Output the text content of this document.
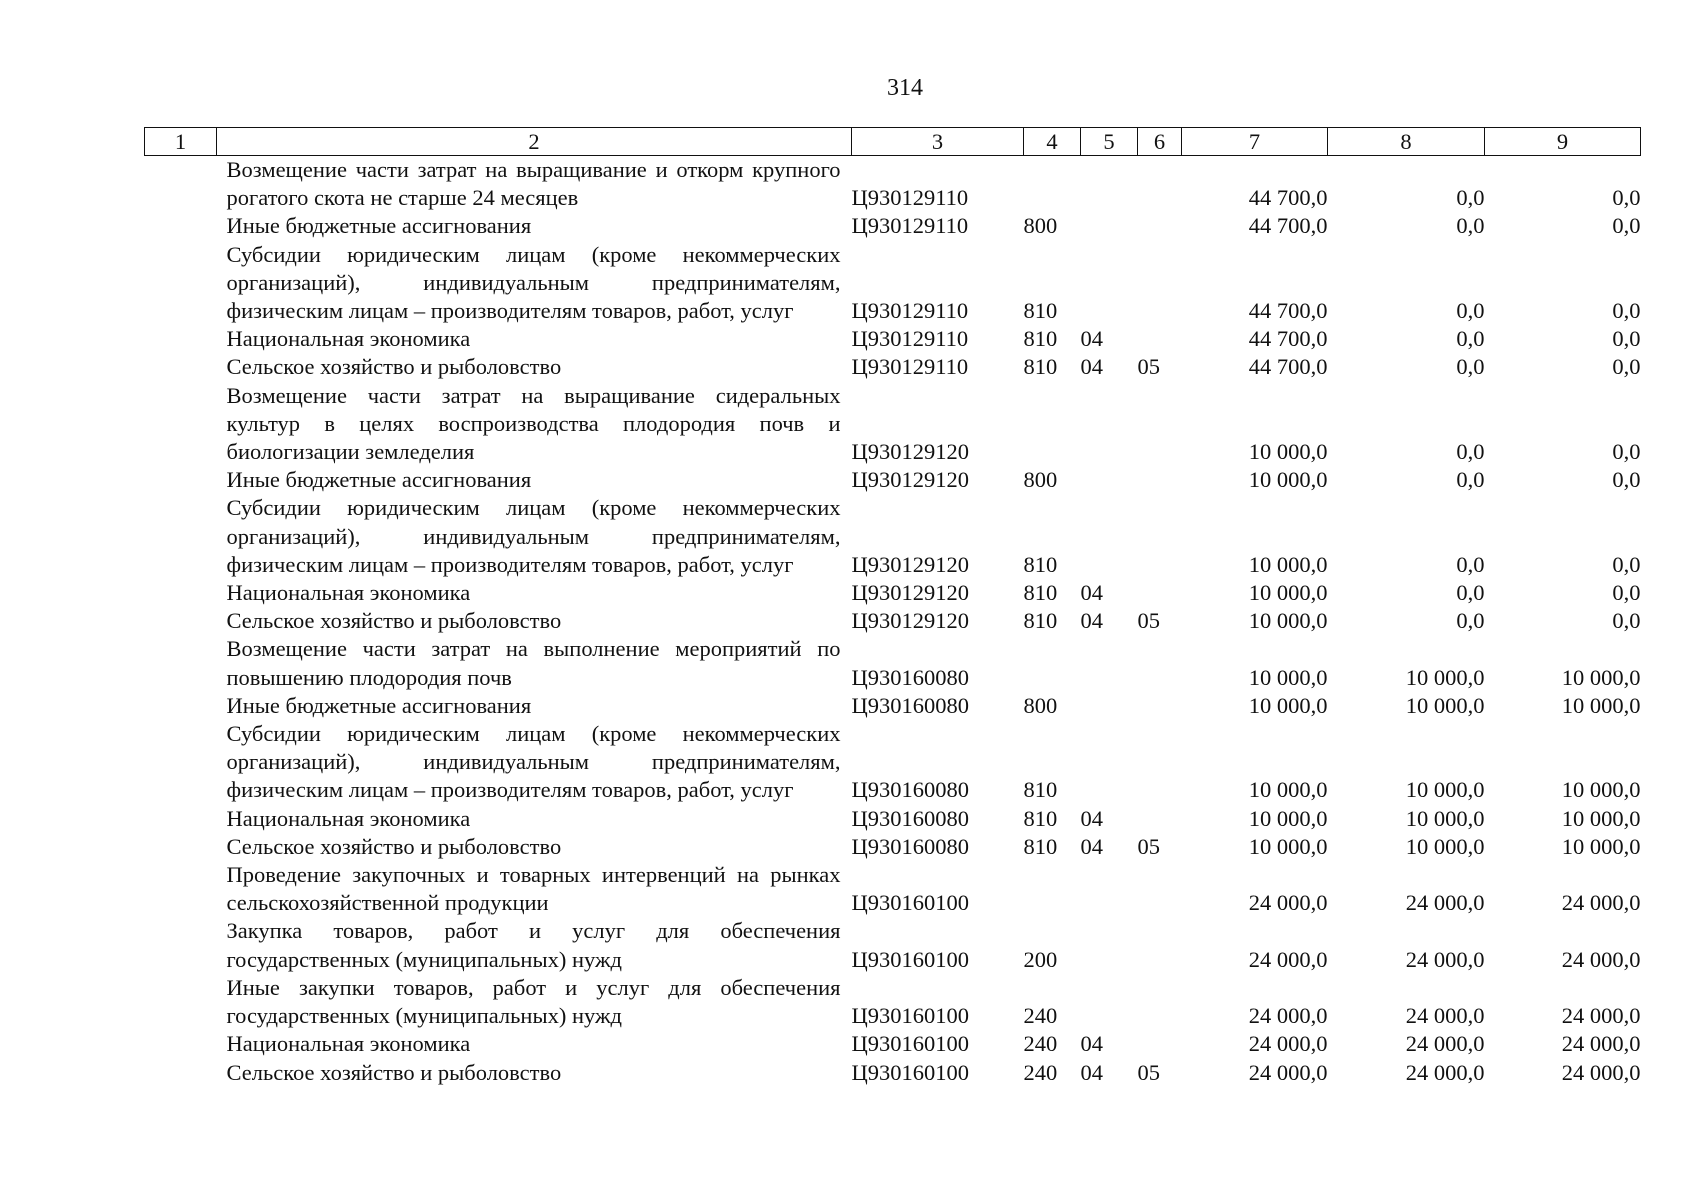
314
1	2	3	4	5	6	7	8	9

	Возмещение части затрат на выращивание и откорм крупного рогатого скота не старше 24 месяцев	Ц930129110				44 700,0	0,0	0,0

	Иные бюджетные ассигнования	Ц930129110	800			44 700,0	0,0	0,0

	Субсидии юридическим лицам (кроме некоммерческих организаций), индивидуальным предпринимателям, физическим лицам – производителям товаров, работ, услуг	Ц930129110	810			44 700,0	0,0	0,0

	Национальная экономика	Ц930129110	810	04		44 700,0	0,0	0,0

	Сельское хозяйство и рыболовство	Ц930129110	810	04	05	44 700,0	0,0	0,0

	Возмещение части затрат на выращивание сидеральных культур в целях воспроизводства плодородия почв и биологизации земледелия	Ц930129120				10 000,0	0,0	0,0

	Иные бюджетные ассигнования	Ц930129120	800			10 000,0	0,0	0,0

	Субсидии юридическим лицам (кроме некоммерческих организаций), индивидуальным предпринимателям, физическим лицам – производителям товаров, работ, услуг	Ц930129120	810			10 000,0	0,0	0,0

	Национальная экономика	Ц930129120	810	04		10 000,0	0,0	0,0

	Сельское хозяйство и рыболовство	Ц930129120	810	04	05	10 000,0	0,0	0,0

	Возмещение части затрат на выполнение мероприятий по повышению плодородия почв	Ц930160080				10 000,0	10 000,0	10 000,0

	Иные бюджетные ассигнования	Ц930160080	800			10 000,0	10 000,0	10 000,0

	Субсидии юридическим лицам (кроме некоммерческих организаций), индивидуальным предпринимателям, физическим лицам – производителям товаров, работ, услуг	Ц930160080	810			10 000,0	10 000,0	10 000,0

	Национальная экономика	Ц930160080	810	04		10 000,0	10 000,0	10 000,0

	Сельское хозяйство и рыболовство	Ц930160080	810	04	05	10 000,0	10 000,0	10 000,0

	Проведение закупочных и товарных интервенций на рынках сельскохозяйственной продукции	Ц930160100				24 000,0	24 000,0	24 000,0

	Закупка товаров, работ и услуг для обеспечения государственных (муниципальных) нужд	Ц930160100	200			24 000,0	24 000,0	24 000,0

	Иные закупки товаров, работ и услуг для обеспечения государственных (муниципальных) нужд	Ц930160100	240			24 000,0	24 000,0	24 000,0

	Национальная экономика	Ц930160100	240	04		24 000,0	24 000,0	24 000,0

	Сельское хозяйство и рыболовство	Ц930160100	240	04	05	24 000,0	24 000,0	24 000,0
